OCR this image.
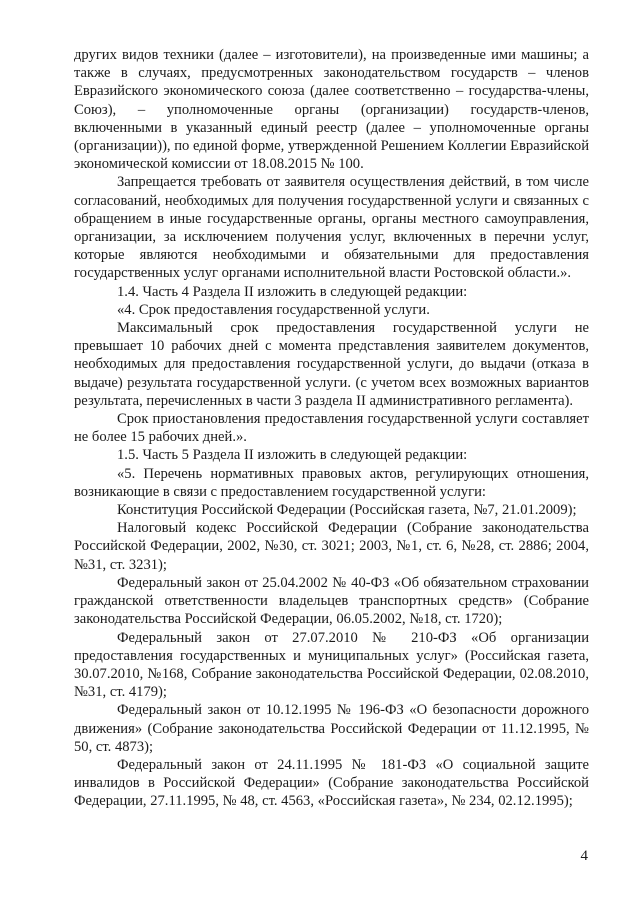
других видов техники (далее – изготовители), на произведенные ими машины; а также в случаях, предусмотренных законодательством государств – членов Евразийского экономического союза (далее соответственно – государства-члены, Союз), – уполномоченные органы (организации) государств-членов, включенными в указанный единый реестр (далее – уполномоченные органы (организации)), по единой форме, утвержденной Решением Коллегии Евразийской экономической комиссии от 18.08.2015 № 100.

Запрещается требовать от заявителя осуществления действий, в том числе согласований, необходимых для получения государственной услуги и связанных с обращением в иные государственные органы, органы местного самоуправления, организации, за исключением получения услуг, включенных в перечни услуг, которые являются необходимыми и обязательными для предоставления государственных услуг органами исполнительной власти Ростовской области.».

1.4. Часть 4 Раздела II изложить в следующей редакции:

«4. Срок предоставления государственной услуги.

Максимальный срок предоставления государственной услуги не превышает 10 рабочих дней с момента представления заявителем документов, необходимых для предоставления государственной услуги, до выдачи (отказа в выдаче) результата государственной услуги. (с учетом всех возможных вариантов результата, перечисленных в части 3 раздела II административного регламента).

Срок приостановления предоставления государственной услуги составляет не более 15 рабочих дней.».

1.5. Часть 5 Раздела II изложить в следующей редакции:

«5. Перечень нормативных правовых актов, регулирующих отношения, возникающие в связи с предоставлением государственной услуги:

Конституция Российской Федерации (Российская газета, №7, 21.01.2009);

Налоговый кодекс Российской Федерации (Собрание законодательства Российской Федерации, 2002, №30, ст. 3021; 2003, №1, ст. 6, №28, ст. 2886; 2004, №31, ст. 3231);

Федеральный закон от 25.04.2002 № 40-ФЗ «Об обязательном страховании гражданской ответственности владельцев транспортных средств» (Собрание законодательства Российской Федерации, 06.05.2002, №18, ст. 1720);

Федеральный закон от 27.07.2010 № 210-ФЗ «Об организации предоставления государственных и муниципальных услуг» (Российская газета, 30.07.2010, №168, Собрание законодательства Российской Федерации, 02.08.2010, №31, ст. 4179);

Федеральный закон от 10.12.1995 № 196-ФЗ «О безопасности дорожного движения» (Собрание законодательства Российской Федерации от 11.12.1995, № 50, ст. 4873);

Федеральный закон от 24.11.1995 № 181-ФЗ «О социальной защите инвалидов в Российской Федерации» (Собрание законодательства Российской Федерации, 27.11.1995, № 48, ст. 4563, «Российская газета», № 234, 02.12.1995);

4
